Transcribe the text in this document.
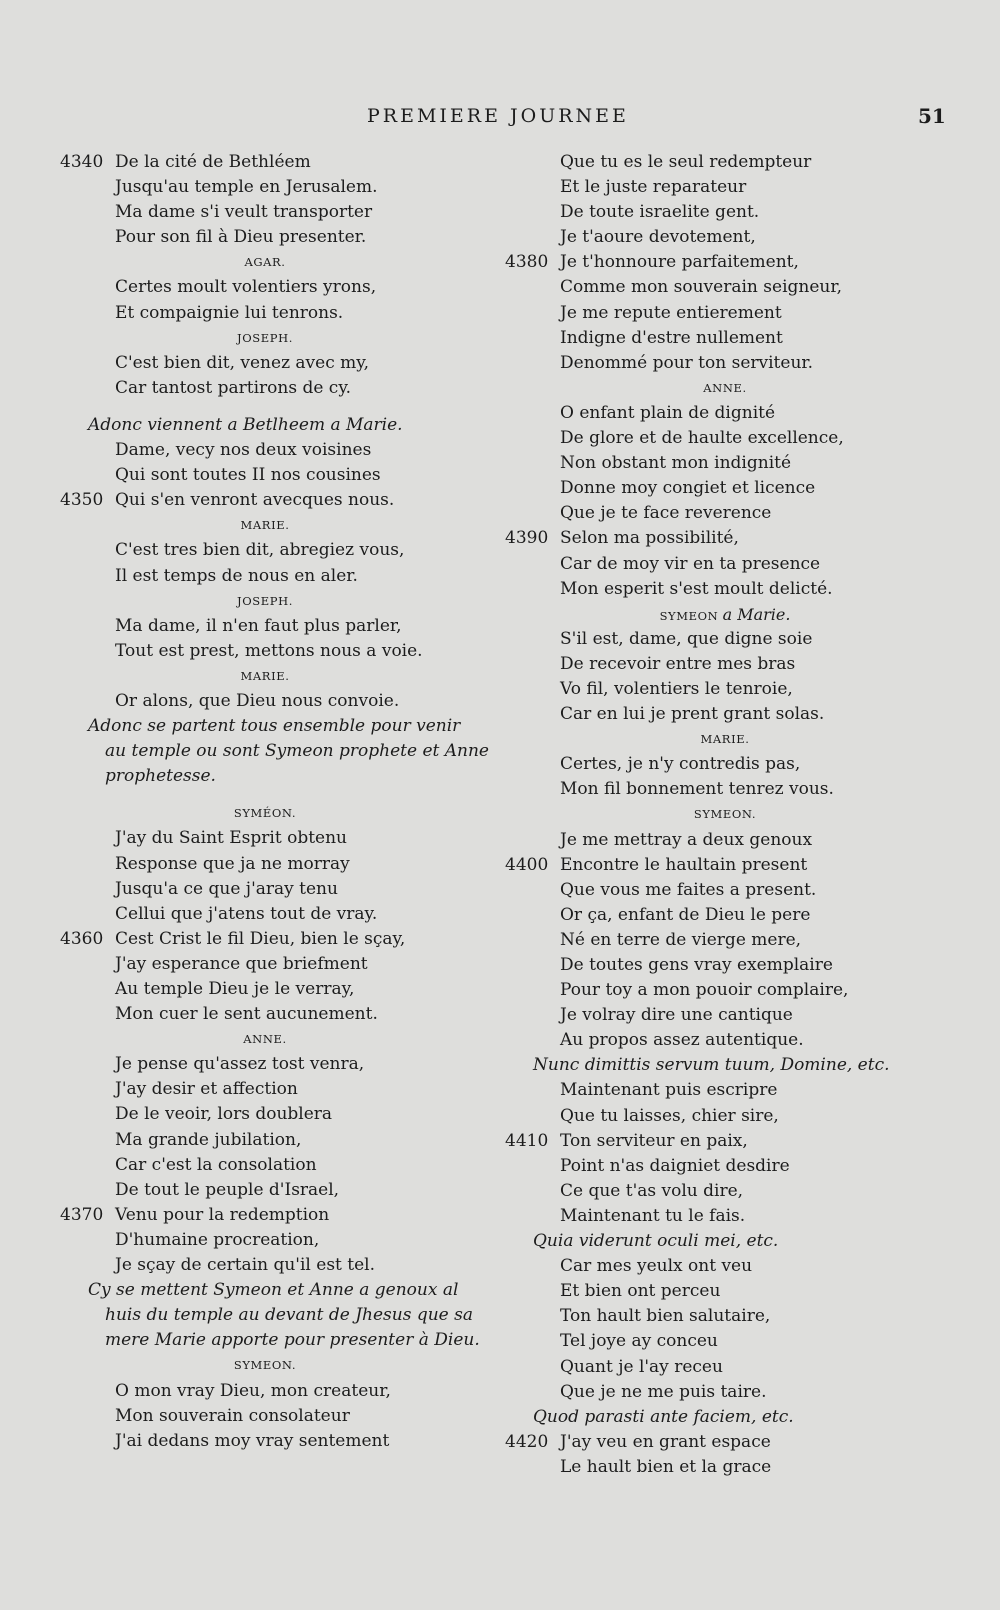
PREMIERE JOURNEE	51
4340 De la cité de Bethléem
Jusqu'au temple en Jerusalem.
Ma dame s'i veult transporter
Pour son fil à Dieu presenter.
AGAR.
Certes moult volentiers yrons,
Et compaignie lui tenrons.
JOSEPH.
C'est bien dit, venez avec my,
Car tantost partirons de cy.
Adonc viennent a Betlheem a Marie.
Dame, vecy nos deux voisines
Qui sont toutes II nos cousines
4350 Qui s'en venront avecques nous.
MARIE.
C'est tres bien dit, abregiez vous,
Il est temps de nous en aler.
JOSEPH.
Ma dame, il n'en faut plus parler,
Tout est prest, mettons nous a voie.
MARIE.
Or alons, que Dieu nous convoie.
Adonc se partent tous ensemble pour venir
au temple ou sont Symeon prophete et Anne
prophetesse.
SYMÉON.
J'ay du Saint Esprit obtenu
Response que ja ne morray
Jusqu'a ce que j'aray tenu
Cellui que j'atens tout de vray.
4360 Cest Crist le fil Dieu, bien le sçay,
J'ay esperance que briefment
Au temple Dieu je le verray,
Mon cuer le sent aucunement.
ANNE.
Je pense qu'assez tost venra,
J'ay desir et affection
De le veoir, lors doublera
Ma grande jubilation,
Car c'est la consolation
De tout le peuple d'Israel,
4370 Venu pour la redemption
D'humaine procreation,
Je sçay de certain qu'il est tel.
Cy se mettent Symeon et Anne a genoux al
huis du temple au devant de Jhesus que sa
mere Marie apporte pour presenter à Dieu.
SYMEON.
O mon vray Dieu, mon createur,
Mon souverain consolateur
J'ai dedans moy vray sentement
Que tu es le seul redempteur
Et le juste reparateur
De toute israelite gent.
Je t'aoure devotement,
4380 Je t'honnoure parfaitement,
Comme mon souverain seigneur,
Je me repute entierement
Indigne d'estre nullement
Denommé pour ton serviteur.
ANNE.
O enfant plain de dignité
De glore et de haulte excellence,
Non obstant mon indignité
Donne moy congiet et licence
Que je te face reverence
4390 Selon ma possibilité,
Car de moy vir en ta presence
Mon esperit s'est moult delicté.
SYMEON a Marie.
S'il est, dame, que digne soie
De recevoir entre mes bras
Vo fil, volentiers le tenroie,
Car en lui je prent grant solas.
MARIE.
Certes, je n'y contredis pas,
Mon fil bonnement tenrez vous.
SYMEON.
Je me mettray a deux genoux
4400 Encontre le haultain present
Que vous me faites a present.
Or ça, enfant de Dieu le pere
Né en terre de vierge mere,
De toutes gens vray exemplaire
Pour toy a mon pouoir complaire,
Je volray dire une cantique
Au propos assez autentique.
Nunc dimittis servum tuum, Domine, etc.
Maintenant puis escripre
Que tu laisses, chier sire,
4410 Ton serviteur en paix,
Point n'as daigniet desdire
Ce que t'as volu dire,
Maintenant tu le fais.
Quia viderunt oculi mei, etc.
Car mes yeulx ont veu
Et bien ont perceu
Ton hault bien salutaire,
Tel joye ay conceu
Quant je l'ay receu
Que je ne me puis taire.
Quod parasti ante faciem, etc.
4420 J'ay veu en grant espace
Le hault bien et la grace
